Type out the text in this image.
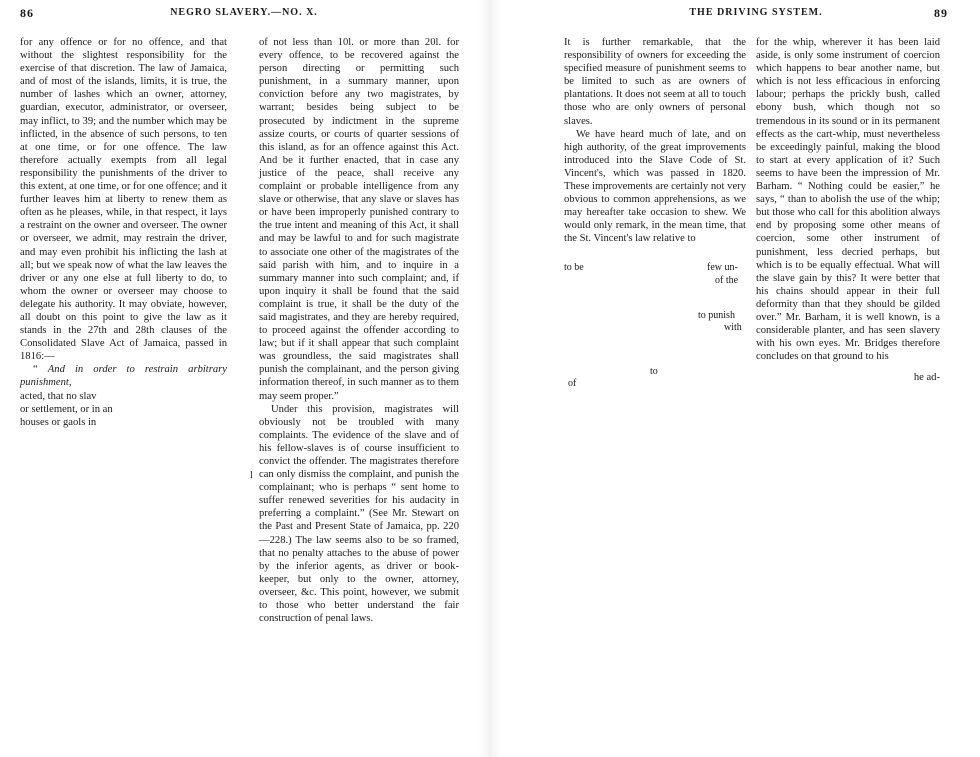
86	NEGRO SLAVERY.—NO. X.

for any offence or for no offence, and that without the slightest responsibility for the exercise of that discretion. The law of Jamaica, and of most of the islands, limits, it is true, the number of lashes which an owner, attorney, guardian, executor, administrator, or overseer, may inflict, to 39; and the number which may be inflicted, in the absence of such persons, to ten at one time, or for one offence. The law therefore actually exempts from all legal responsibility the punishments of the driver to this extent, at one time, or for one offence; and it further leaves him at liberty to renew them as often as he pleases, while, in that respect, it lays a restraint on the owner and overseer. The owner or overseer, we admit, may restrain the driver, and may even prohibit his inflicting the lash at all; but we speak now of what the law leaves the driver or any one else at full liberty to do, to whom the owner or overseer may choose to delegate his authority. It may obviate, however, all doubt on this point to give the law as it stands in the 27th and 28th clauses of the Consolidated Slave Act of Jamaica, passed in 1816:—

“ And in order to restrain arbitrary punishment,

acted, that no slav

or settlement, or in an

houses or gaols in

l

of not less than 10l. or more than 20l. for every offence, to be recovered against the person directing or permitting such punishment, in a summary manner, upon conviction before any two magistrates, by warrant; besides being subject to be prosecuted by indictment in the supreme assize courts, or courts of quarter sessions of this island, as for an offence against this Act. And be it further enacted, that in case any justice of the peace, shall receive any complaint or probable intelligence from any slave or otherwise, that any slave or slaves has or have been improperly punished contrary to the true intent and meaning of this Act, it shall and may be lawful to and for such magistrate to associate one other of the magistrates of the said parish with him, and to inquire in a summary manner into such complaint; and, if upon inquiry it shall be found that the said complaint is true, it shall be the duty of the said magistrates, and they are hereby required, to proceed against the offender according to law; but if it shall appear that such complaint was groundless, the said magistrates shall punish the complainant, and the person giving information thereof, in such manner as to them may seem proper.”

Under this provision, magistrates will obviously not be troubled with many complaints. The evidence of the slave and of his fellow-slaves is of course insufficient to convict the offender. The magistrates therefore can only dismiss the complaint, and punish the complainant; who is perhaps “ sent home to suffer renewed severities for his audacity in preferring a complaint.” (See Mr. Stewart on the Past and Present State of Jamaica, pp. 220—228.) The law seems also to be so framed, that no penalty attaches to the abuse of power by the inferior agents, as driver or book-keeper, but only to the owner, attorney, overseer, &c. This point, however, we submit to those who better understand the fair construction of penal laws.

THE DRIVING SYSTEM.	89

It is further remarkable, that the responsibility of owners for exceeding the specified measure of punishment seems to be limited to such as are owners of plantations. It does not seem at all to touch those who are only owners of personal slaves.

We have heard much of late, and on high authority, of the great improvements introduced into the Slave Code of St. Vincent's, which was passed in 1820. These improvements are certainly not very obvious to common apprehensions, as we may hereafter take occasion to shew. We would only remark, in the mean time, that the St. Vincent's law relative to

to be	few un-
of the
to punish
with
to
of

for the whip, wherever it has been laid aside, is only some instrument of coercion which happens to bear another name, but which is not less efficacious in enforcing labour; perhaps the prickly bush, called ebony bush, which though not so tremendous in its sound or in its permanent effects as the cart-whip, must nevertheless be exceedingly painful, making the blood to start at every application of it? Such seems to have been the impression of Mr. Barham. “ Nothing could be easier,” he says, “ than to abolish the use of the whip; but those who call for this abolition always end by proposing some other means of coercion, some other instrument of punishment, less decried perhaps, but which is to be equally effectual. What will the slave gain by this? It were better that his chains should appear in their full deformity than that they should be gilded over.” Mr. Barham, it is well known, is a considerable planter, and has seen slavery with his own eyes. Mr. Bridges therefore concludes on that ground to his

he ad-
